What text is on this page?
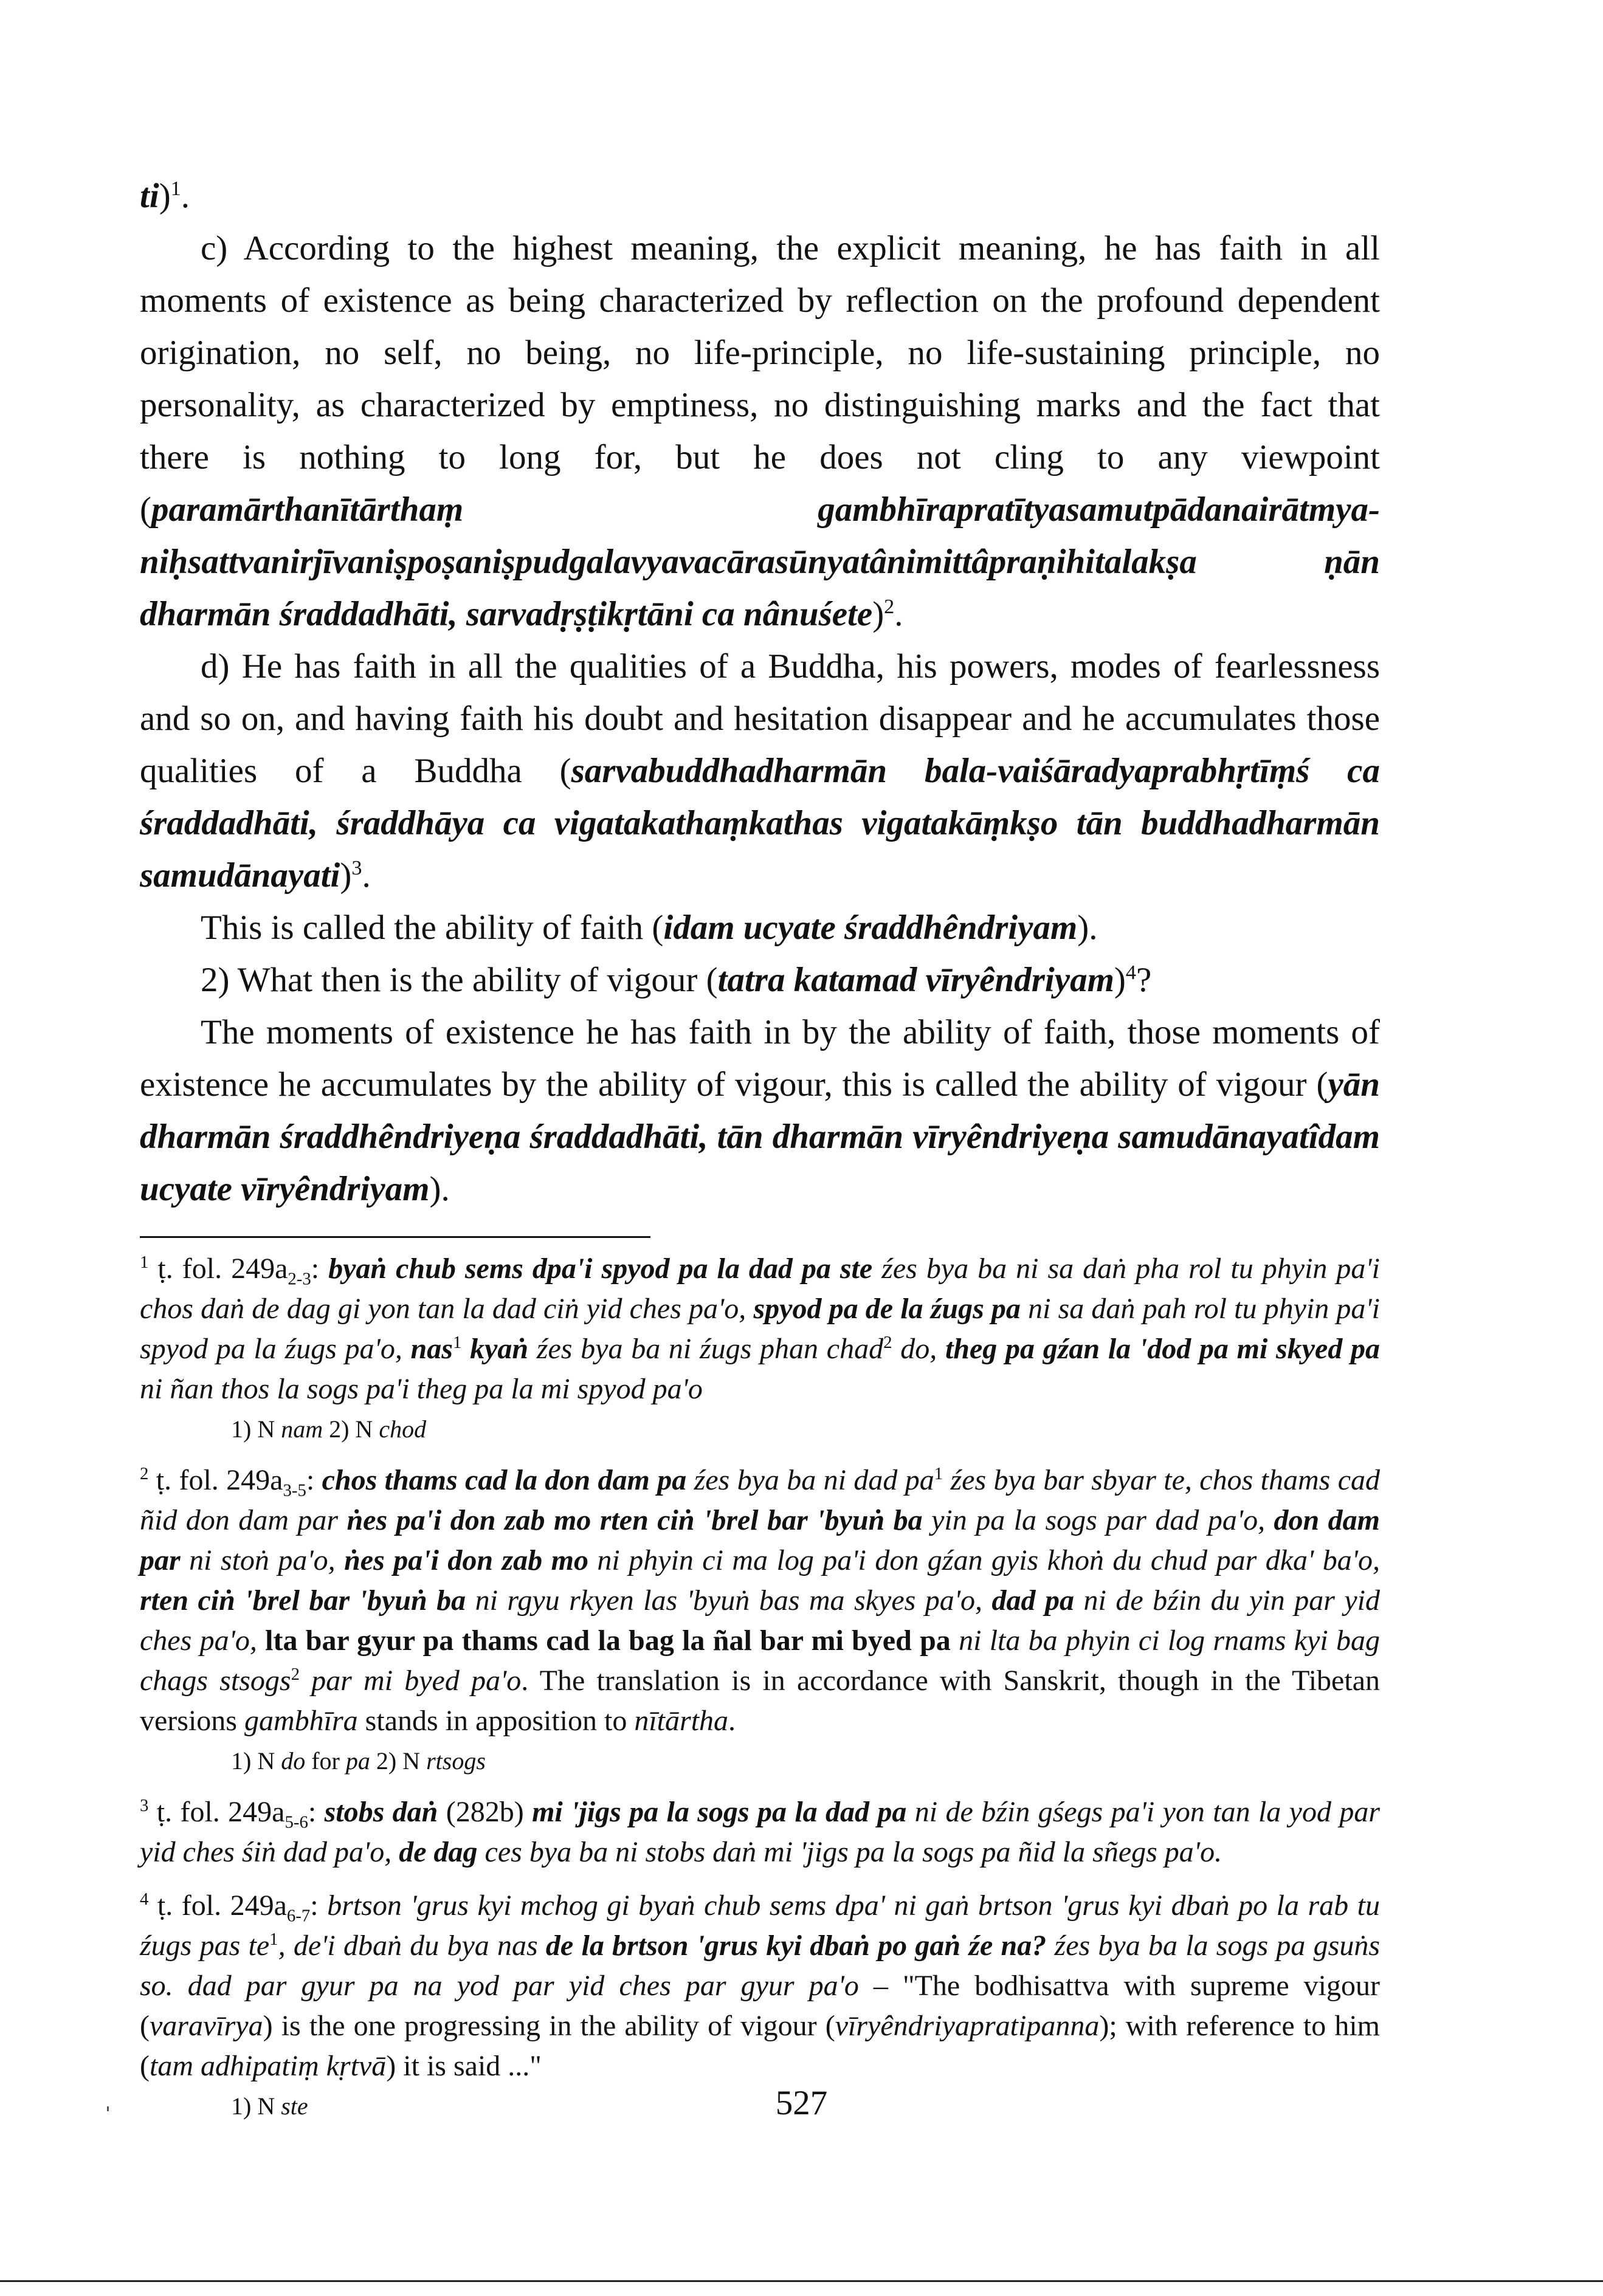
ti)$^1$.

c) According to the highest meaning, the explicit meaning, he has faith in all moments of existence as being characterized by reflection on the profound dependent origination, no self, no being, no life-principle, no life-sustaining principle, no personality, as characterized by emptiness, no distinguishing marks and the fact that there is nothing to long for, but he does not cling to any viewpoint (paramārthanītārthaṃ gambhīrapratītyasamutpādanairātmya-niḥsattvanirjīvaniṣpoṣaniṣpudgalavyavacārasūnyatânimittâpraṇihitalakṣa ṇān dharmān śraddadhāti, sarvadṛṣṭikṛtāni ca nânuśete)$^2$.

d) He has faith in all the qualities of a Buddha, his powers, modes of fearlessness and so on, and having faith his doubt and hesitation disappear and he accumulates those qualities of a Buddha (sarvabuddhadharmān bala-vaiśāradyaprabhṛtīṃś ca śraddadhāti, śraddhāya ca vigatakathaṃkathas vigatakāṃkṣo tān buddhadharmān samudānayati)$^3$.

This is called the ability of faith (idam ucyate śraddhêndriyam).

2) What then is the ability of vigour (tatra katamad vīryêndriyam)$^4$?

The moments of existence he has faith in by the ability of faith, those moments of existence he accumulates by the ability of vigour, this is called the ability of vigour (yān dharmān śraddhêndriyeṇa śraddadhāti, tān dharmān vīryêndriyeṇa samudānayatîdam ucyate vīryêndriyam).

$^1$ ṭ. fol. $249a_{2-3}$: byaṅ chub sems dpa'i spyod pa la dad pa ste źes bya ba ni sa daṅ pha rol tu phyin pa'i chos daṅ de dag gi yon tan la dad ciṅ yid ches pa'o, spyod pa de la źugs pa ni sa daṅ pah rol tu phyin pa'i spyod pa la źugs pa'o, nas$^1$ kyaṅ źes bya ba ni źugs phan chad$^2$ do, theg pa gźan la 'dod pa mi skyed pa ni ñan thos la sogs pa'i theg pa la mi spyod pa'o
1) N nam 2) N chod
$^2$ ṭ. fol. $249a_{3-5}$: chos thams cad la don dam pa źes bya ba ni dad $pa^1$ źes bya bar sbyar te, chos thams cad ñid don dam par ṅes pa'i don zab mo rten ciṅ 'brel bar 'byuṅ ba yin pa la sogs par dad pa'o, don dam par ni stoṅ pa'o, ṅes pa'i don zab mo ni phyin ci ma log pa'i don gźan gyis khoṅ du chud par dka' ba'o, rten ciṅ 'brel bar 'byuṅ ba ni rgyu rkyen las 'byuṅ bas ma skyes pa'o, dad pa ni de bźin du yin par yid ches pa'o, lta bar gyur pa thams cad la bag la ñal bar mi byed pa ni lta ba phyin ci log rnams kyi bag chags stsogs$^2$ par mi byed pa'o. The translation is in accordance with Sanskrit, though in the Tibetan versions gambhīra stands in apposition to nītārtha.
1) N do for pa 2) N rtsogs
$^3$ ṭ. fol. $249a_{5-6}$: stobs daṅ (282b) mi 'jigs pa la sogs pa la dad pa ni de bźin gśegs pa'i yon tan la yod par yid ches śiṅ dad pa'o, de dag ces bya ba ni stobs daṅ mi 'jigs pa la sogs pa ñid la sñegs pa'o.
$^4$ ṭ. fol. $249a_{6-7}$: brtson 'grus kyi mchog gi byaṅ chub sems dpa' ni gaṅ brtson 'grus kyi dbaṅ po la rab tu źugs pas $te^1$, de'i dbaṅ du bya nas de la brtson 'grus kyi dbaṅ po gaṅ źe na? źes bya ba la sogs pa gsuṅs so. dad par gyur pa na yod par yid ches par gyur pa'o – "The bodhisattva with supreme vigour (varavīrya) is the one progressing in the ability of vigour (vīryêndriyapratipanna); with reference to him (tam adhipatiṃ kṛtvā) it is said ..."
1) N ste	527
